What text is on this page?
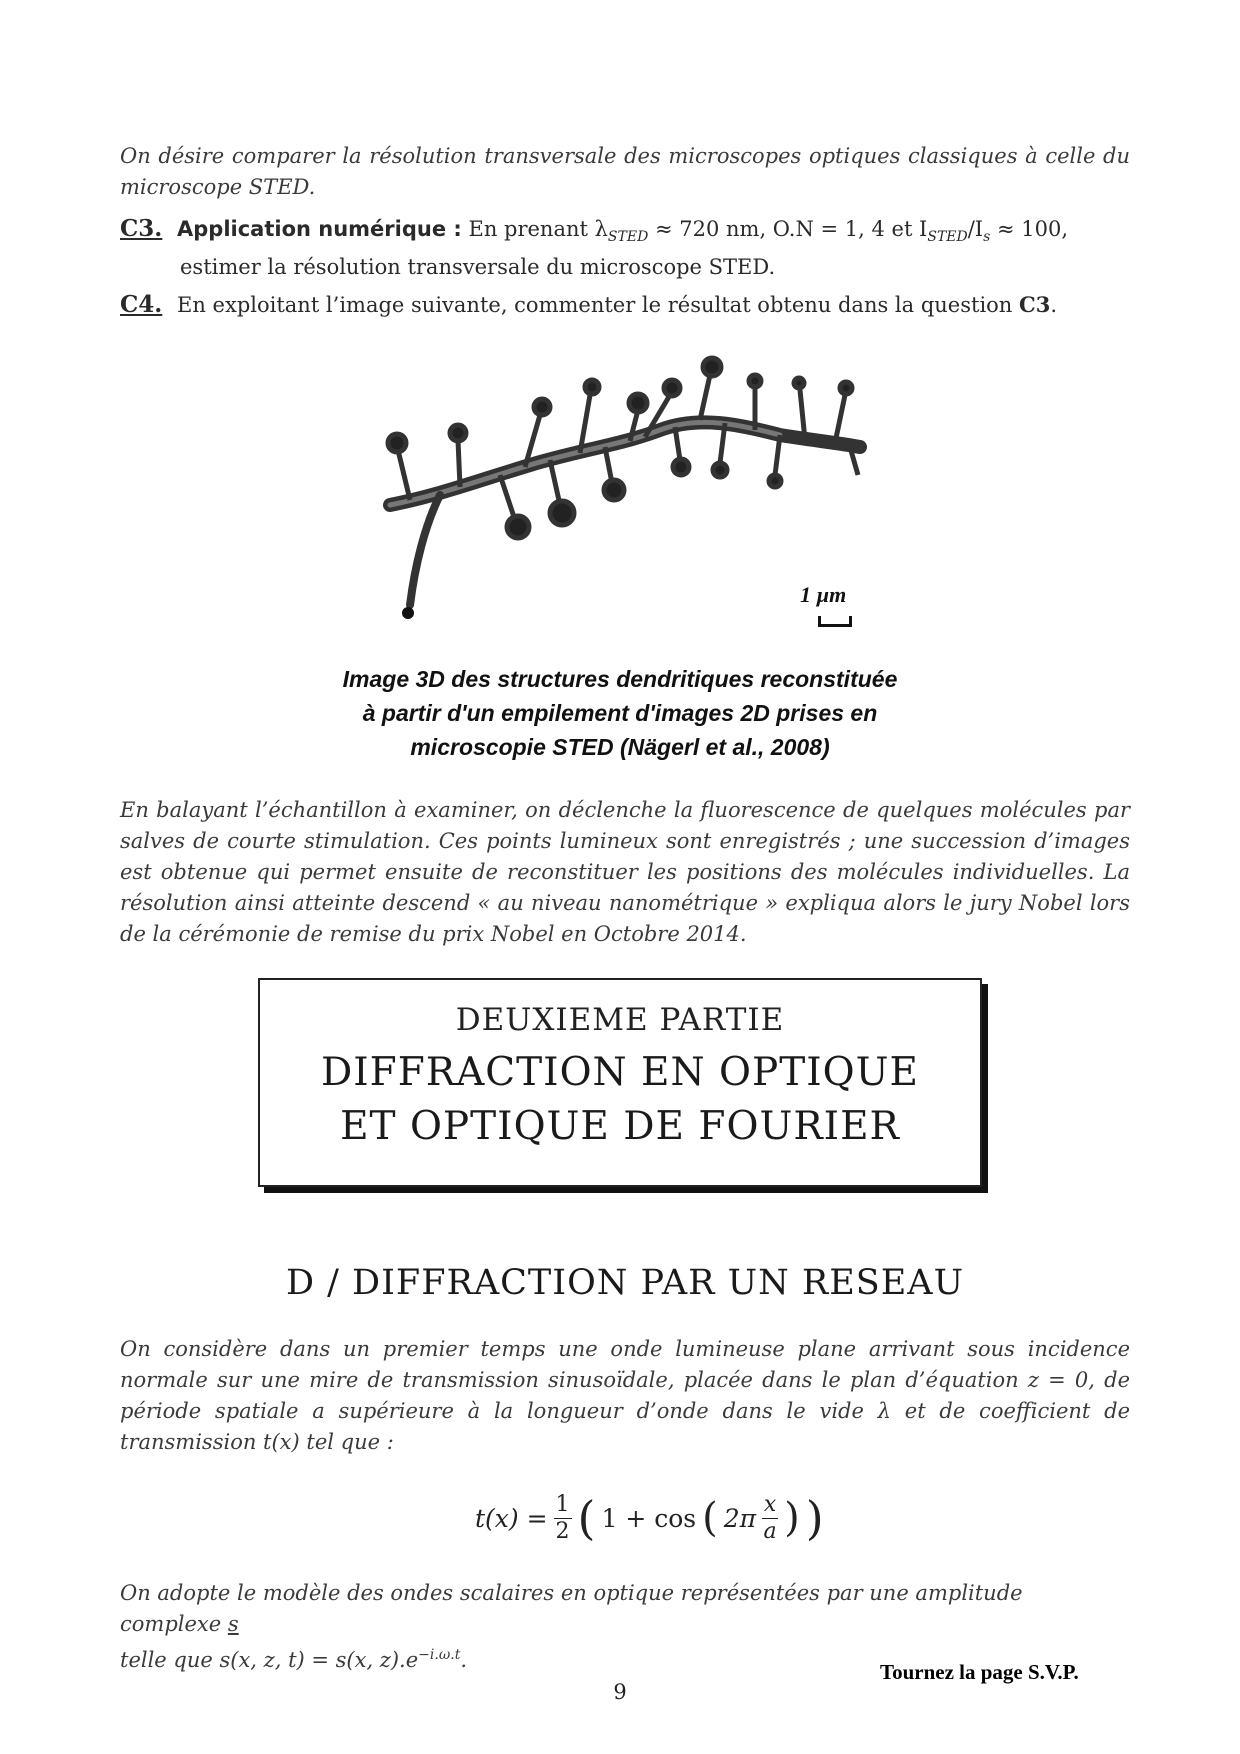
On désire comparer la résolution transversale des microscopes optiques classiques à celle du microscope STED.
C3. Application numérique : En prenant $\lambda_{STED} \approx 720$ nm, O.N = 1, 4 et $I_{STED}/I_s \approx 100$,
estimer la résolution transversale du microscope STED.
C4. En exploitant l’image suivante, commenter le résultat obtenu dans la question C3.
1 µm
Image 3D des structures dendritiques reconstituée
à partir d'un empilement d'images 2D prises en
microscopie STED (Nägerl et al., 2008)
En balayant l’échantillon à examiner, on déclenche la fluorescence de quelques molécules par salves de courte stimulation. Ces points lumineux sont enregistrés ; une succession d’images est obtenue qui permet ensuite de reconstituer les positions des molécules individuelles. La résolution ainsi atteinte descend « au niveau nanométrique » expliqua alors le jury Nobel lors de la cérémonie de remise du prix Nobel en Octobre 2014.
DEUXIEME PARTIE
DIFFRACTION EN OPTIQUE
ET OPTIQUE DE FOURIER
D / DIFFRACTION PAR UN RESEAU
On considère dans un premier temps une onde lumineuse plane arrivant sous incidence normale sur une mire de transmission sinusoïdale, placée dans le plan d’équation z = 0, de période spatiale a supérieure à la longueur d’onde dans le vide λ et de coefficient de transmission t(x) tel que :
t(x) = 1
2 ( 1 + cos ( 2π x
a ) )
On adopte le modèle des ondes scalaires en optique représentées par une amplitude complexe s
telle que s(x, z, t) = s(x, $z).e^{-i.\omega.t}$.	Tournez la page S.V.P.
9
